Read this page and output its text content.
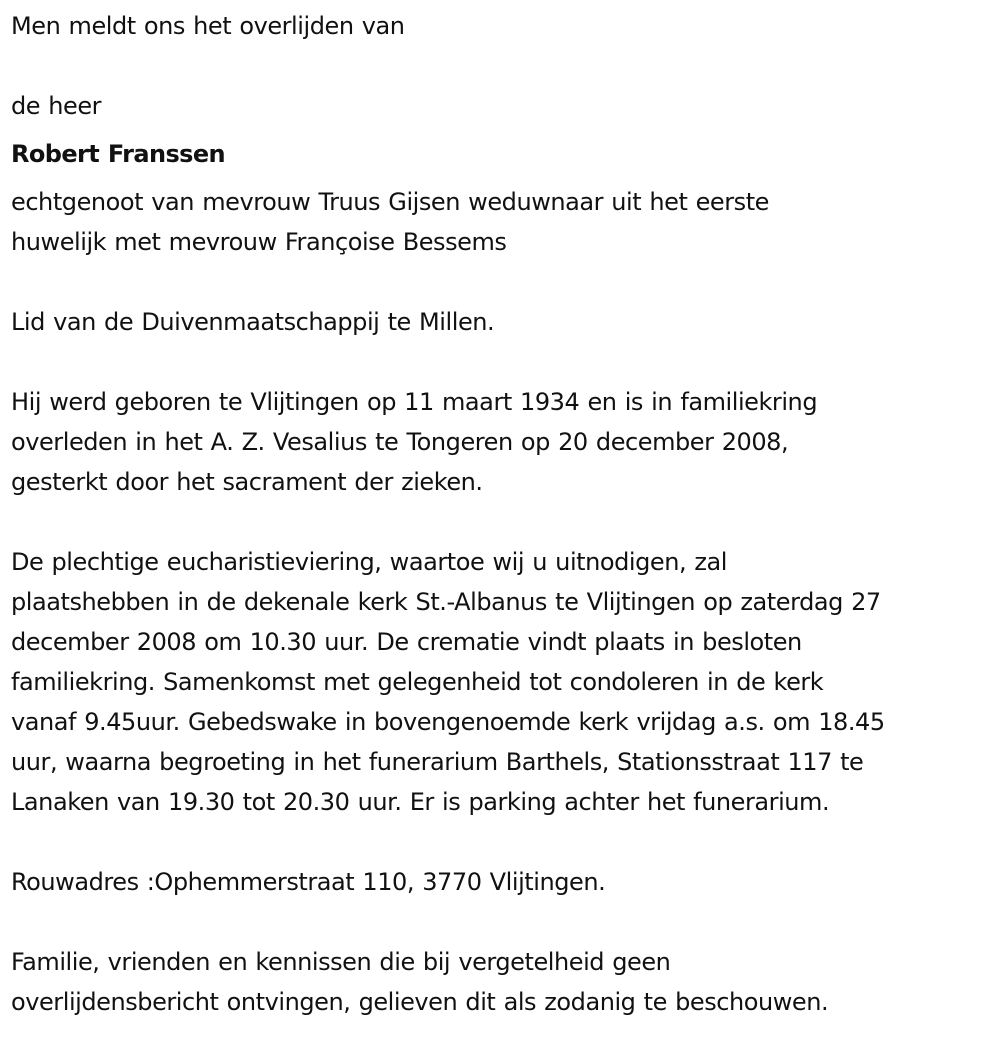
Men meldt ons het overlijden van
de heer
Robert Franssen
echtgenoot van mevrouw Truus Gijsen weduwnaar uit het eerste
huwelijk met mevrouw Françoise Bessems
Lid van de Duivenmaatschappij te Millen.
Hij werd geboren te Vlijtingen op 11 maart 1934 en is in familiekring
overleden in het A. Z. Vesalius te Tongeren op 20 december 2008,
gesterkt door het sacrament der zieken.
De plechtige eucharistieviering, waartoe wij u uitnodigen, zal
plaatshebben in de dekenale kerk St.-Albanus te Vlijtingen op zaterdag 27
december 2008 om 10.30 uur. De crematie vindt plaats in besloten
familiekring. Samenkomst met gelegenheid tot condoleren in de kerk
vanaf 9.45uur. Gebedswake in bovengenoemde kerk vrijdag a.s. om 18.45
uur, waarna begroeting in het funerarium Barthels, Stationsstraat 117 te
Lanaken van 19.30 tot 20.30 uur. Er is parking achter het funerarium.
Rouwadres :Ophemmerstraat 110, 3770 Vlijtingen.
Familie, vrienden en kennissen die bij vergetelheid geen
overlijdensbericht ontvingen, gelieven dit als zodanig te beschouwen.
